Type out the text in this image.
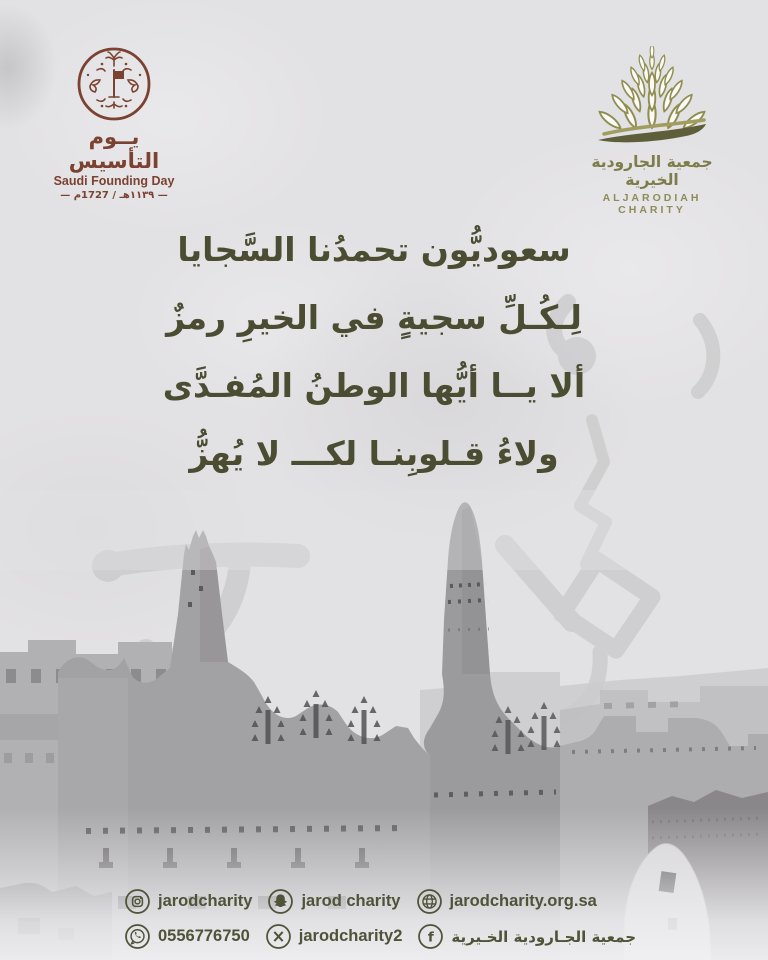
يــوم التأسيس
Saudi Founding Day
— ١١٣٩هـ / 1727م —
جمعية الجارودية الخيرية
ALJARODIAH CHARITY
سعوديُّون تحمدُنا السَّجايا
لِـكُـلِّ سجيةٍ في الخيرِ رمزٌ
ألا يــا أيُّها الوطنُ المُفـدَّى
ولاءُ قـلوبِنـا لكـــ لا يُهزُّ
jarodcharity	jarod charity	jarodcharity.org.sa
0556776750	jarodcharity2 f جمعية الجـارودية الخـيرية
